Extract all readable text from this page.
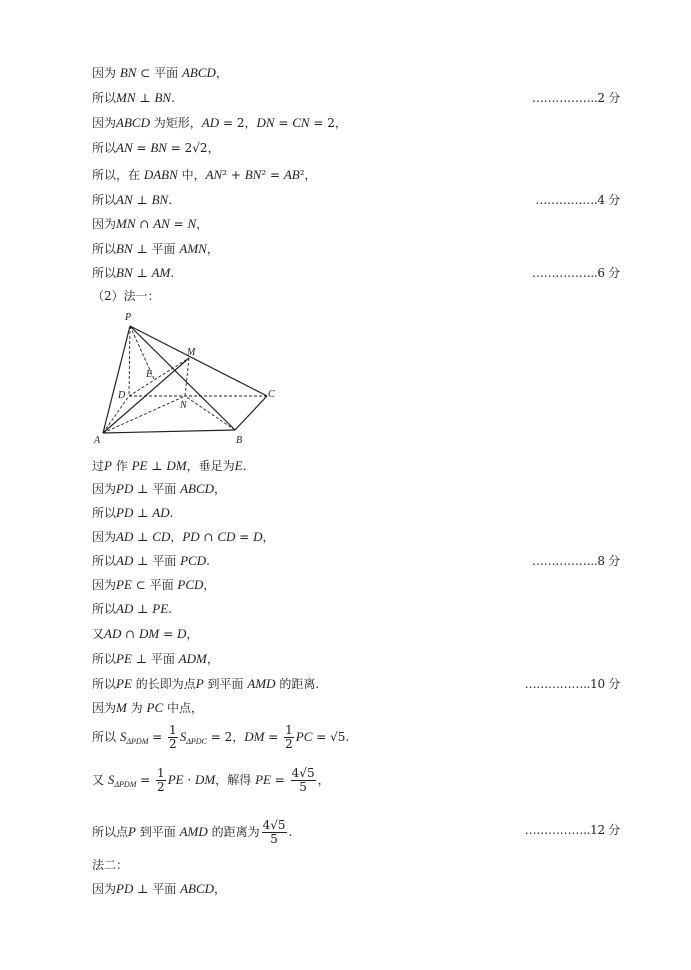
因为 BN ⊂ 平面 ABCD，
所以MN ⊥ BN.	……………..2 分
因为ABCD 为矩形，AD = 2，DN = CN = 2，
所以AN = BN = 2√2，
所以，在 DABN 中，AN² + BN² = AB²，
所以AN ⊥ BN.	…………….4 分
因为MN ∩ AN = N，
所以BN ⊥ 平面 AMN，
所以BN ⊥ AM.	……………..6 分
（2）法一：
P
M
E
D
N
C
A	B
过P 作 PE ⊥ DM，垂足为E.
因为PD ⊥ 平面 ABCD，
所以PD ⊥ AD.
因为AD ⊥ CD，PD ∩ CD = D，
所以AD ⊥ 平面 PCD.	……………..8 分
因为PE ⊂ 平面 PCD，
所以AD ⊥ PE.
又AD ∩ DM = D，
所以PE ⊥ 平面 ADM，
所以PE 的长即为点P 到平面 AMD 的距离.	……………..10 分
因为M 为 PC 中点，
所以 $S_{\Delta PDM} = \frac{1}{2} S_{\Delta PDC} = 2$，DM = $\frac{1}{2}$ PC = √5.
又 $S_{\Delta PDM} = \frac{1}{2}$ PE · DM，解得 PE = $\frac{4√5}{5}$ ，
所以点P 到平面 AMD 的距离为 $\frac{4√5}{5}$ .	……………..12 分
法二：
因为PD ⊥ 平面 ABCD，
